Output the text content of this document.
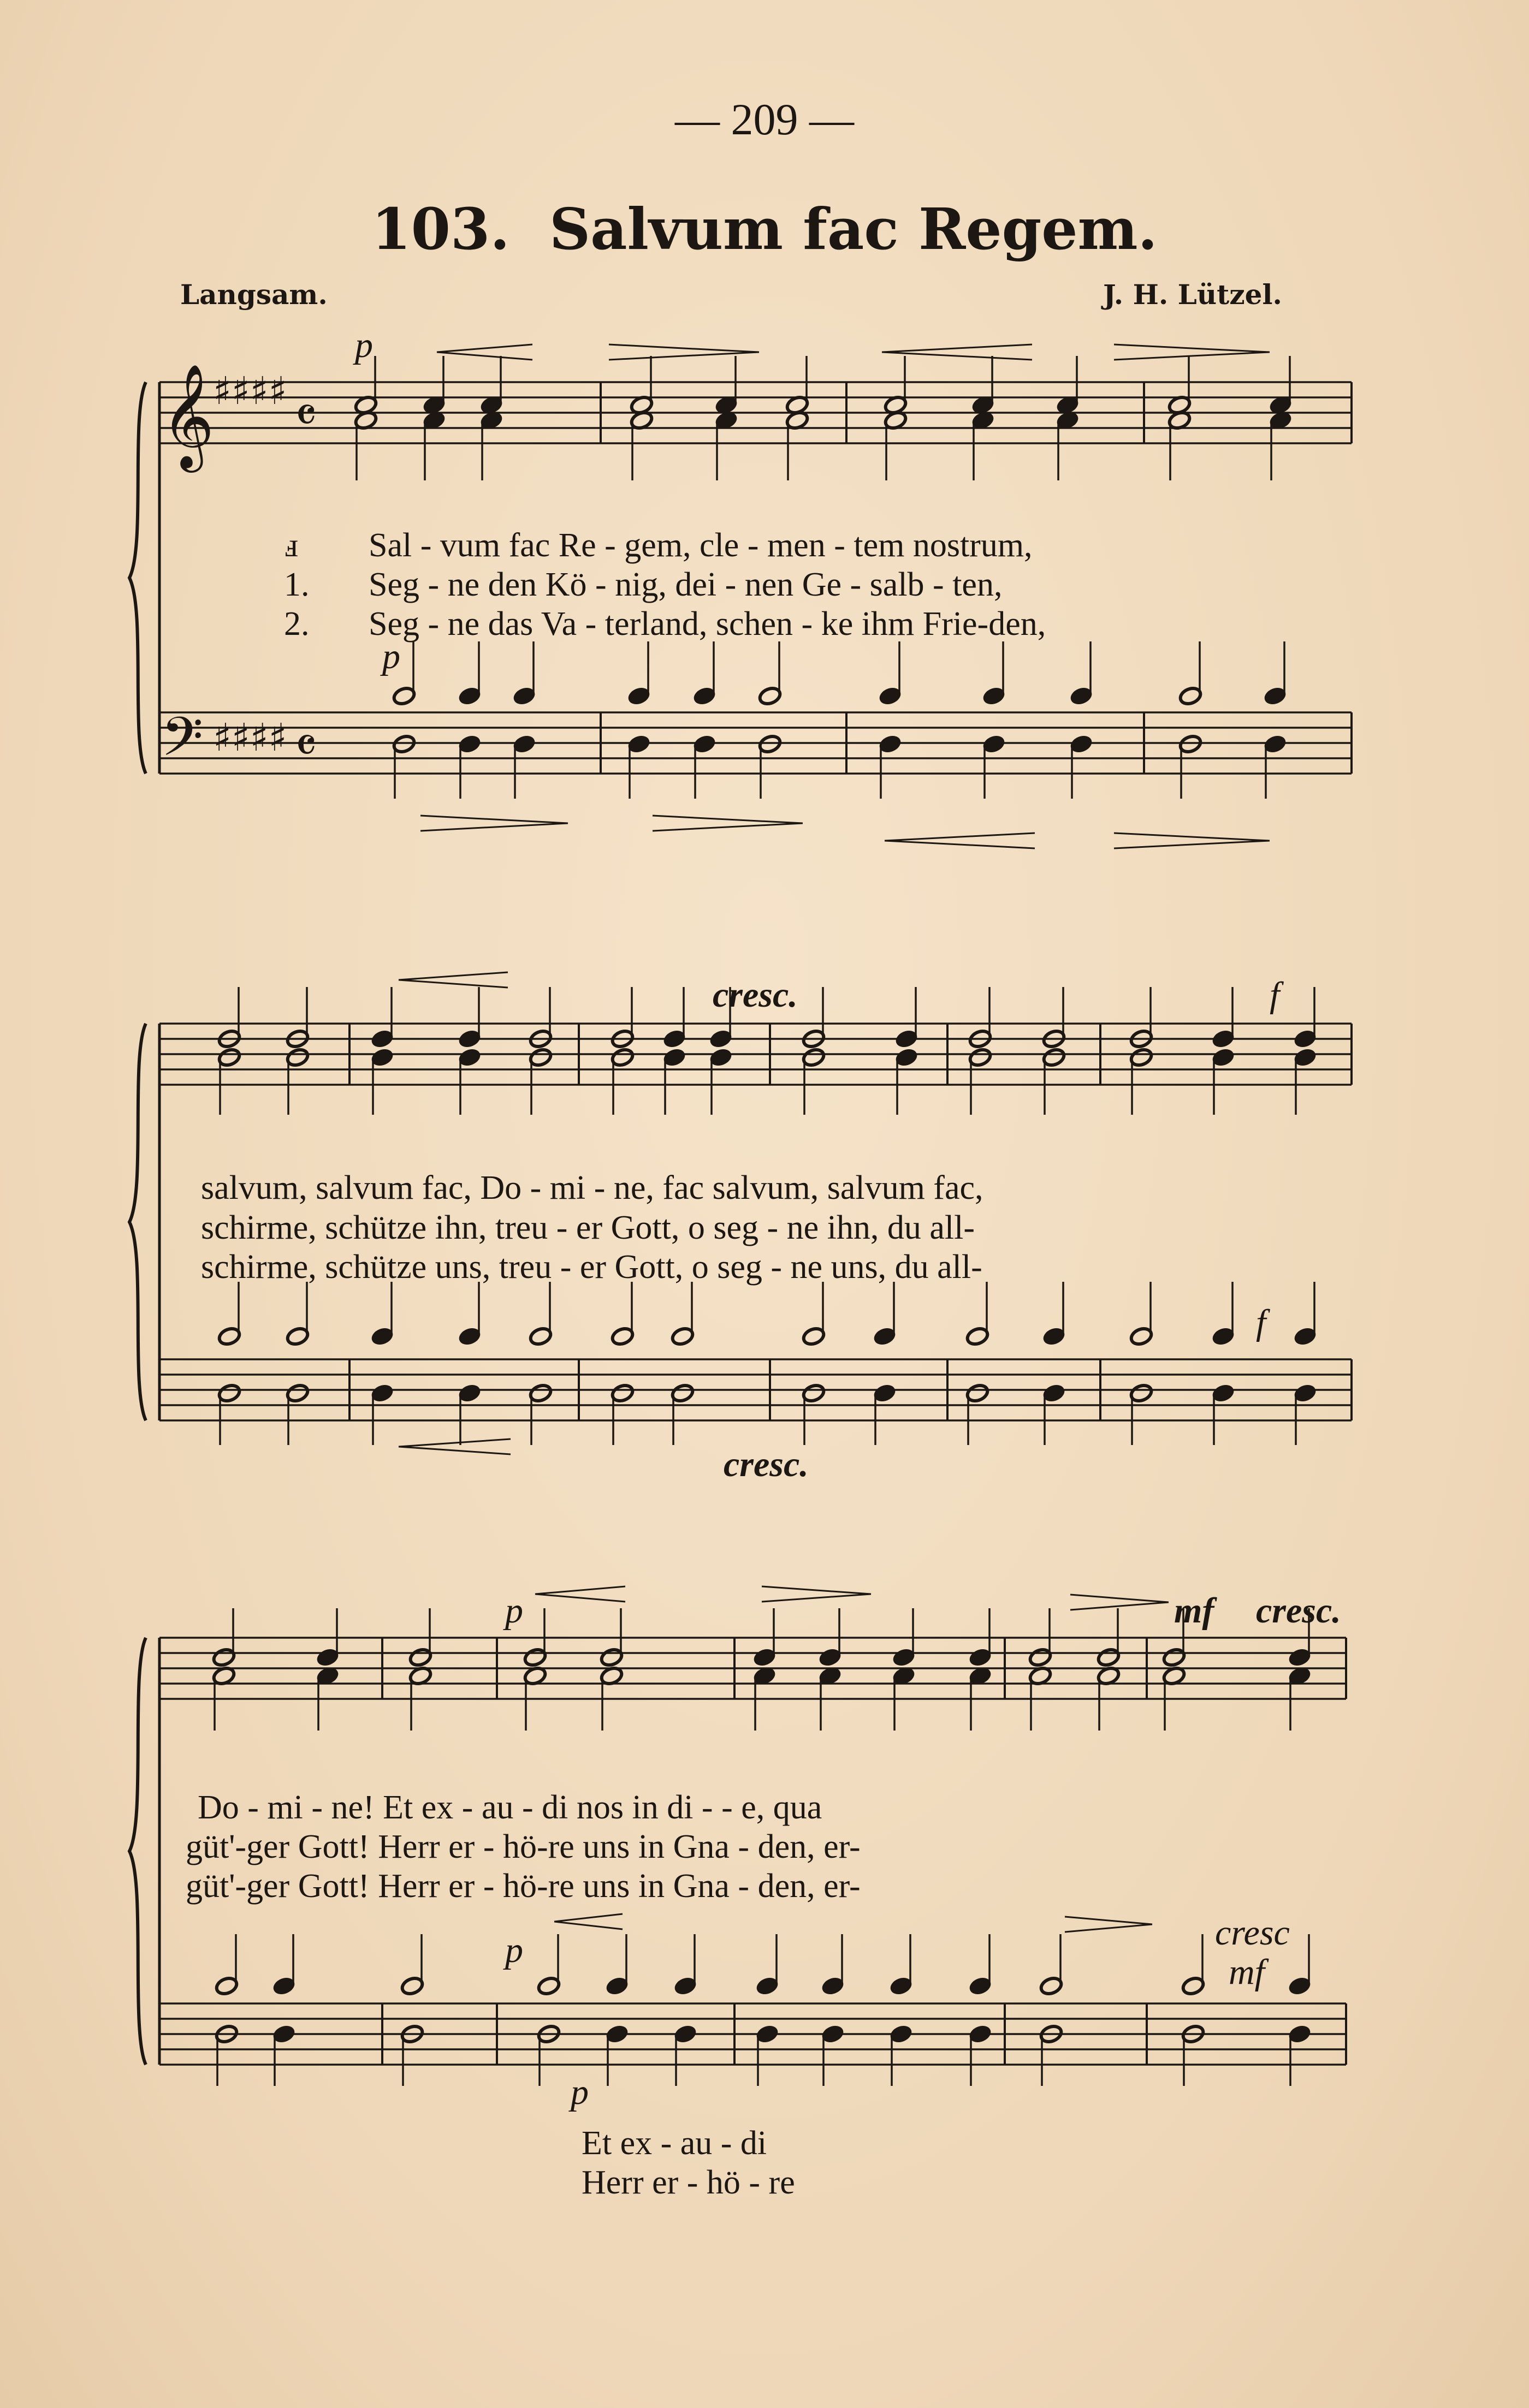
𝄞
𝄢
♯♯♯♯
♯♯♯♯
𝄴
𝄴
— 209 —
103. Salvum fac Regem.
Langsam.	J. H. Lützel.
p
p
ⅎ Sal - vum fac Re - gem, cle - men - tem nostrum,
1. Seg - ne den Kö - nig, dei - nen Ge - salb - ten,
2. Seg - ne das Va - terland, schen - ke ihm Frie-den,
cresc.	f
salvum, salvum fac, Do - mi - ne, fac salvum, salvum fac,
schirme, schütze ihn, treu - er Gott, o seg - ne ihn, du all-
schirme, schütze uns, treu - er Gott, o seg - ne uns, du all-
f
cresc.
p	mf cresc.
Do - mi - ne! Et ex - au - di nos in di - - e, qua
güt'-ger Gott! Herr er - hö-re uns in Gna - den, er-
güt'-ger Gott! Herr er - hö-re uns in Gna - den, er-
p	cresc
mf
p
Et ex - au - di
Herr er - hö - re
